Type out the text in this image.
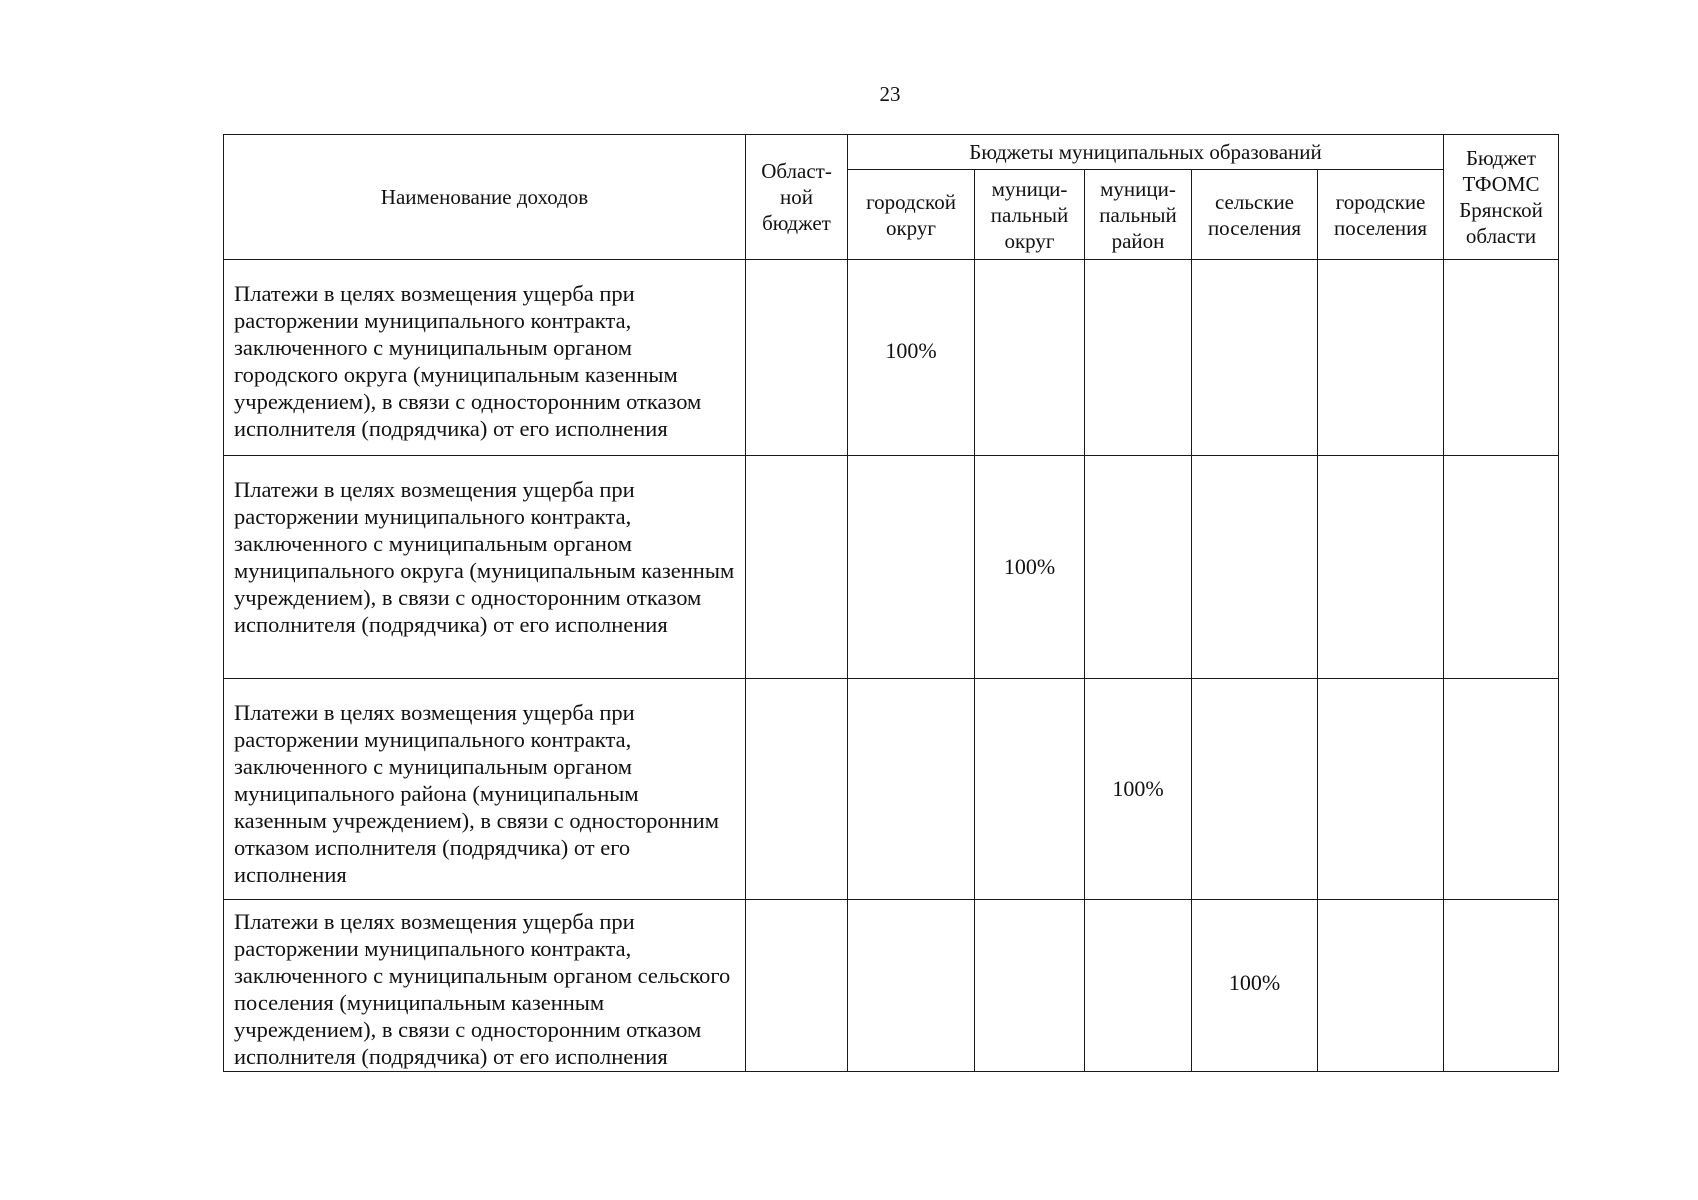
23
Наименование доходов	Област-
ной
бюджет	Бюджеты муниципальных образований					Бюджет
ТФОМС
Брянской
области
		городской
округ	муници-
пальный
округ	муници-
пальный
район	сельские
поселения	городские
поселения	
Платежи в целях возмещения ущерба при расторжении муниципального контракта, заключенного с муниципальным органом городского округа (муниципальным казенным учреждением), в связи с односторонним отказом исполнителя (подрядчика) от его исполнения		100%					
Платежи в целях возмещения ущерба при расторжении муниципального контракта, заключенного с муниципальным органом муниципального округа (муниципальным казенным учреждением), в связи с односторонним отказом исполнителя (подрядчика) от его исполнения			100%				
Платежи в целях возмещения ущерба при расторжении муниципального контракта, заключенного с муниципальным органом муниципального района (муниципальным казенным учреждением), в связи с односторонним отказом исполнителя (подрядчика) от его исполнения				100%			
Платежи в целях возмещения ущерба при расторжении муниципального контракта, заключенного с муниципальным органом сельского поселения (муниципальным казенным учреждением), в связи с односторонним отказом исполнителя (подрядчика) от его исполнения					100%		
